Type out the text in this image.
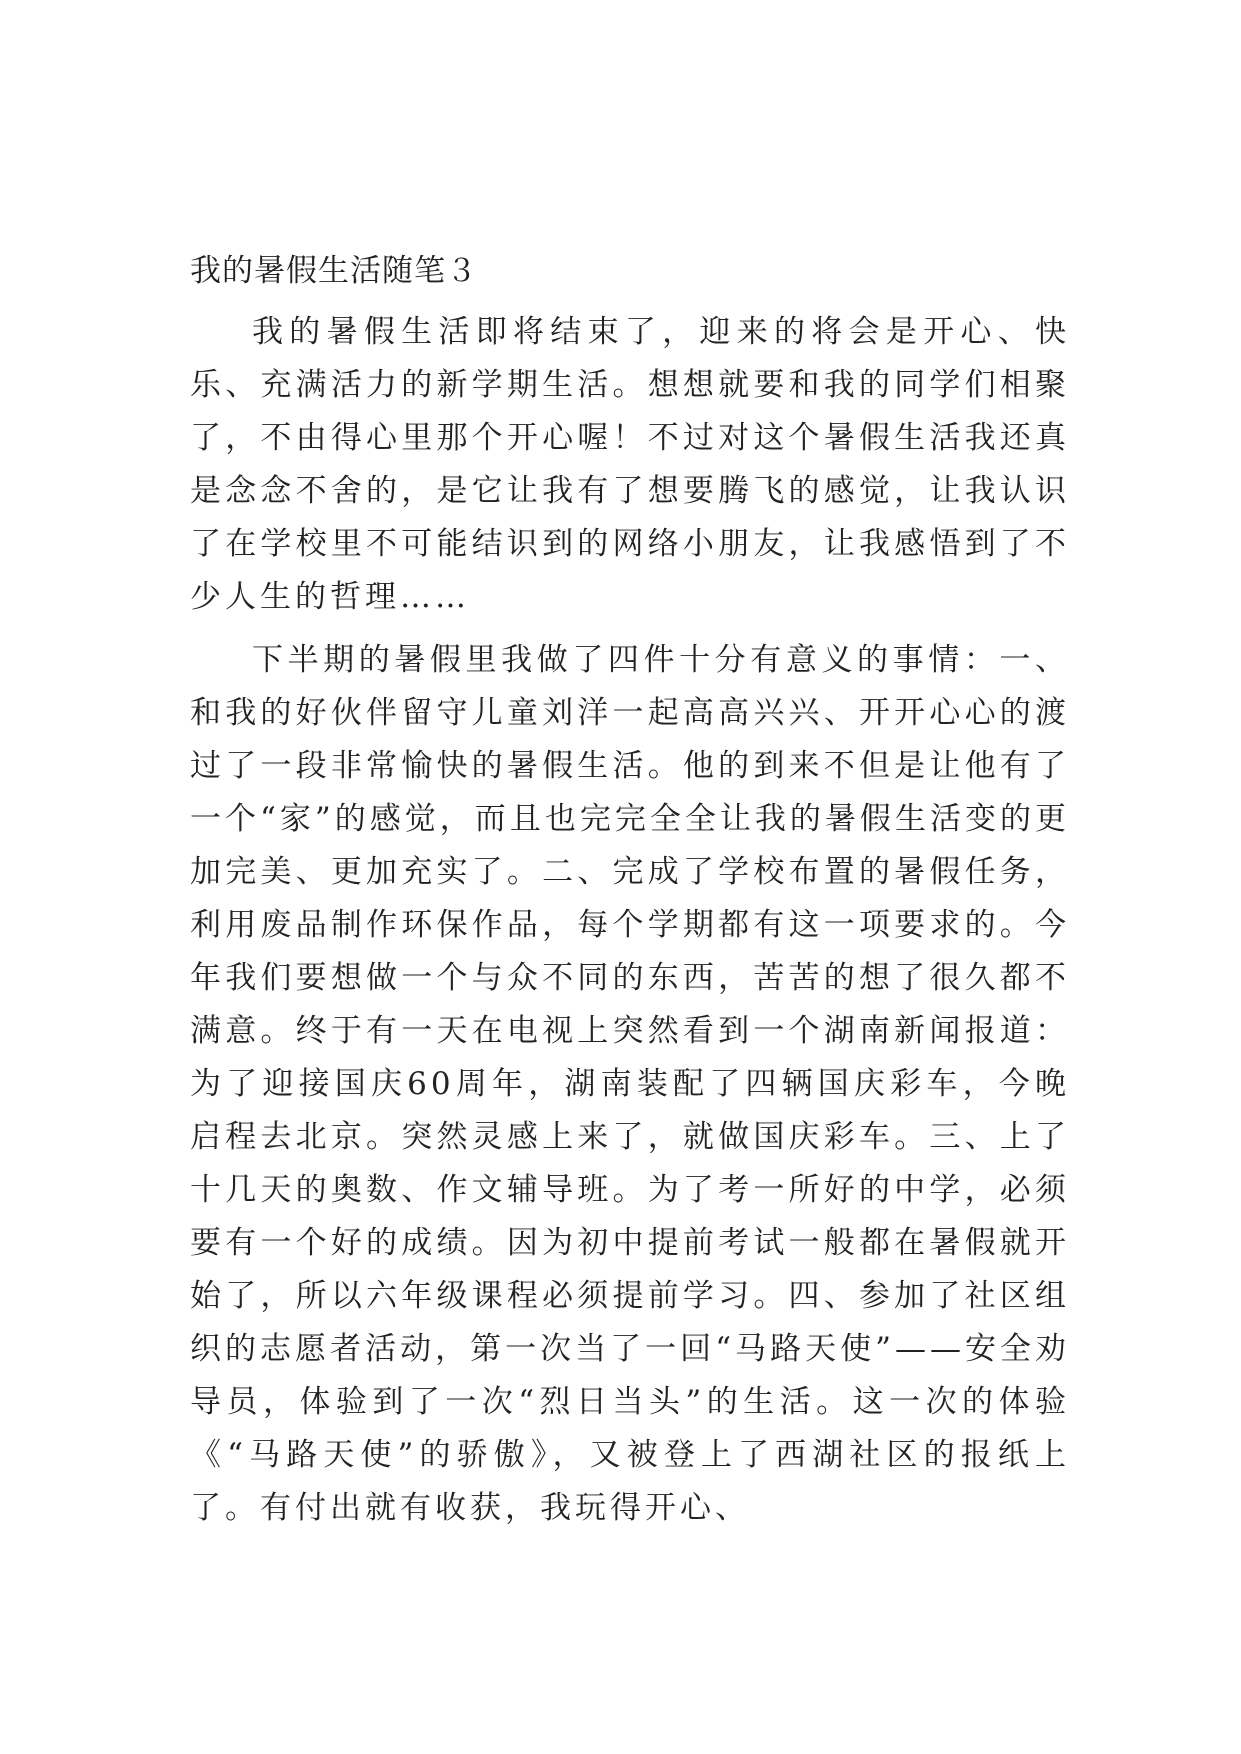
我的暑假生活随笔３

我的暑假生活即将结束了，迎来的将会是开心、快乐、充满活力的新学期生活。想想就要和我的同学们相聚了，不由得心里那个开心喔！不过对这个暑假生活我还真是念念不舍的，是它让我有了想要腾飞的感觉，让我认识了在学校里不可能结识到的网络小朋友，让我感悟到了不少人生的哲理……

下半期的暑假里我做了四件十分有意义的事情：一、和我的好伙伴留守儿童刘洋一起高高兴兴、开开心心的渡过了一段非常愉快的暑假生活。他的到来不但是让他有了一个“家”的感觉，而且也完完全全让我的暑假生活变的更加完美、更加充实了。二、完成了学校布置的暑假任务，利用废品制作环保作品，每个学期都有这一项要求的。今年我们要想做一个与众不同的东西，苦苦的想了很久都不满意。终于有一天在电视上突然看到一个湖南新闻报道：为了迎接国庆60周年，湖南装配了四辆国庆彩车，今晚启程去北京。突然灵感上来了，就做国庆彩车。三、上了十几天的奥数、作文辅导班。为了考一所好的中学，必须要有一个好的成绩。因为初中提前考试一般都在暑假就开始了，所以六年级课程必须提前学习。四、参加了社区组织的志愿者活动，第一次当了一回“马路天使”——安全劝导员，体验到了一次“烈日当头”的生活。这一次的体验《“马路天使”的骄傲》，又被登上了西湖社区的报纸上了。有付出就有收获，我玩得开心、
